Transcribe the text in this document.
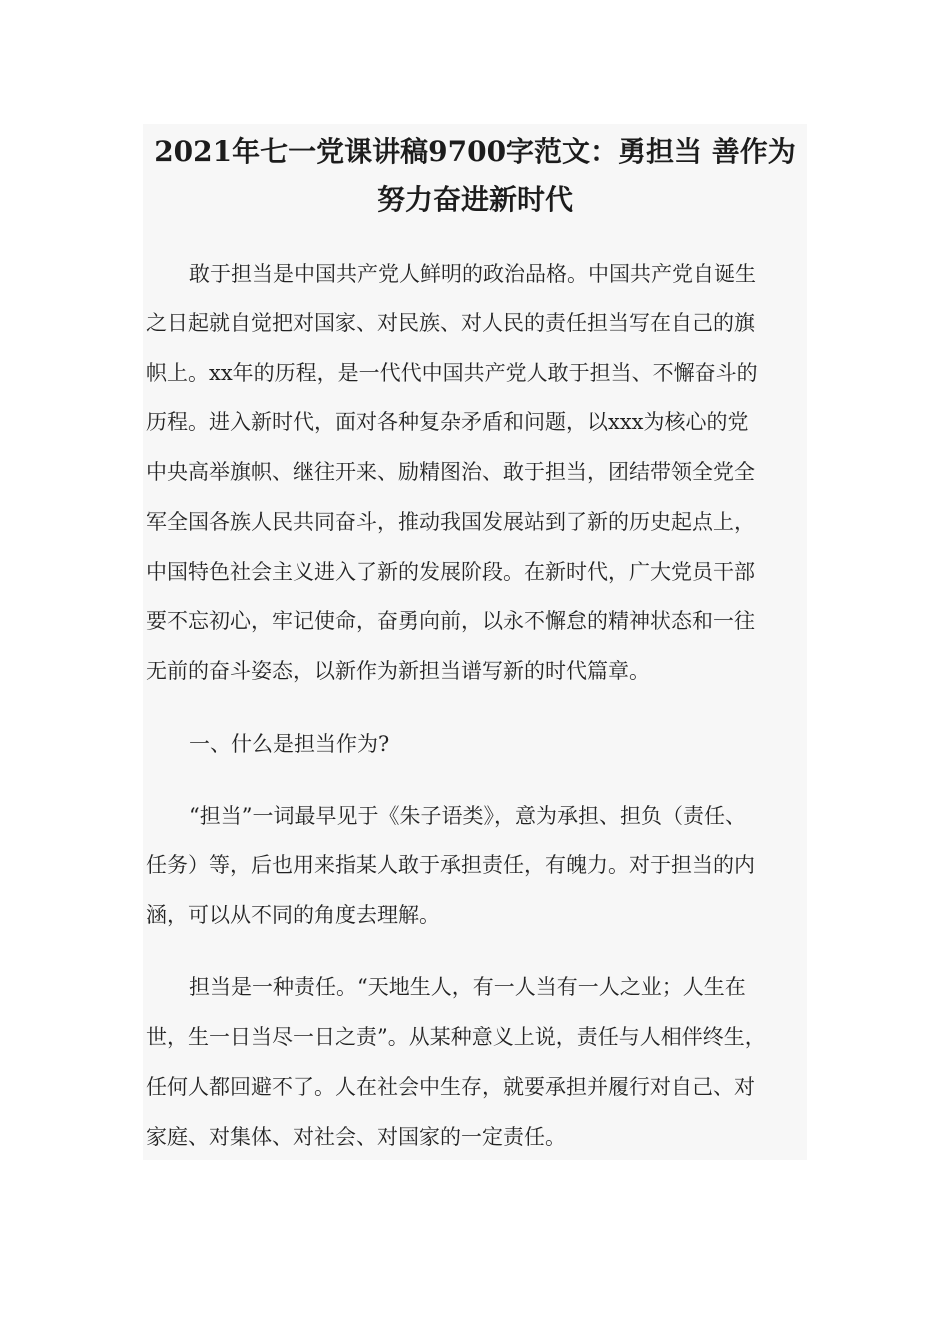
2021年七一党课讲稿9700字范文：勇担当 善作为
努力奋进新时代
敢于担当是中国共产党人鲜明的政治品格。中国共产党自诞生
之日起就自觉把对国家、对民族、对人民的责任担当写在自己的旗
帜上。xx年的历程，是一代代中国共产党人敢于担当、不懈奋斗的
历程。进入新时代，面对各种复杂矛盾和问题，以xxx为核心的党
中央高举旗帜、继往开来、励精图治、敢于担当，团结带领全党全
军全国各族人民共同奋斗，推动我国发展站到了新的历史起点上，
中国特色社会主义进入了新的发展阶段。在新时代，广大党员干部
要不忘初心，牢记使命，奋勇向前，以永不懈怠的精神状态和一往
无前的奋斗姿态，以新作为新担当谱写新的时代篇章。
一、什么是担当作为?
“担当”一词最早见于《朱子语类》，意为承担、担负（责任、
任务）等，后也用来指某人敢于承担责任，有魄力。对于担当的内
涵，可以从不同的角度去理解。
担当是一种责任。“天地生人，有一人当有一人之业；人生在
世，生一日当尽一日之责”。从某种意义上说，责任与人相伴终生，
任何人都回避不了。人在社会中生存，就要承担并履行对自己、对
家庭、对集体、对社会、对国家的一定责任。
